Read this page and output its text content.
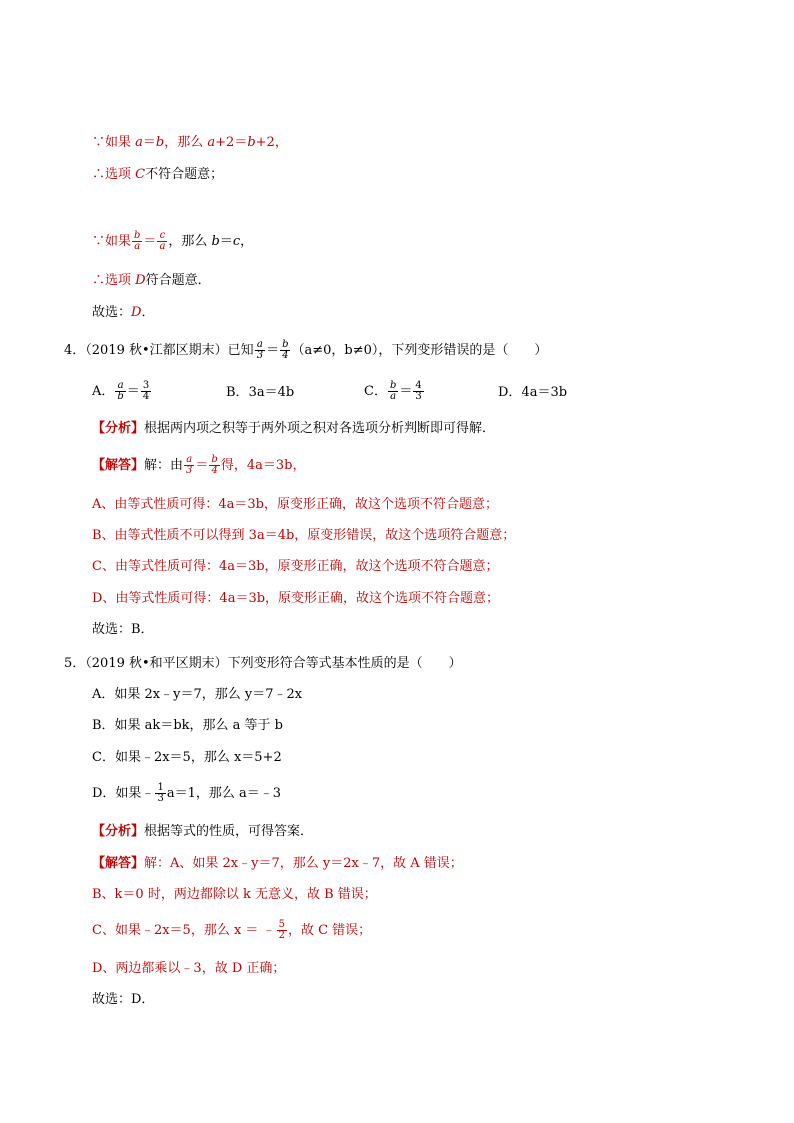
∵如果 a＝b，那么 a+2＝b+2，
∴选项 C不符合题意；
∵如果 $\frac{b}{a} = \frac{c}{a}$ ，那么 b＝c，
∴选项 D符合题意．
故选：D．
4．（2019 秋•江都区期末）已知 $\frac{a}{3} = \frac{b}{4} (a\ne 0$，b≠0），下列变形错误的是（　　）
A． $\frac{a}{b} = \frac{3}{4}$	B．3a＝4b	C． $\frac{b}{a} = \frac{4}{3}$	D．4a＝3b
【分析】根据两内项之积等于两外项之积对各选项分析判断即可得解．
【解答】解：由 $\frac{a}{3} = \frac{b}{4}$ 得，4a＝3b，
A、由等式性质可得：4a＝3b，原变形正确，故这个选项不符合题意；
B、由等式性质不可以得到 3a＝4b，原变形错误，故这个选项符合题意；
C、由等式性质可得：4a＝3b，原变形正确，故这个选项不符合题意；
D、由等式性质可得：4a＝3b，原变形正确，故这个选项不符合题意；
故选：B．
5．（2019 秋•和平区期末）下列变形符合等式基本性质的是（　　）
A．如果 2x﹣y＝7，那么 y＝7﹣2x
B．如果 ak＝bk，那么 a 等于 b
C．如果﹣2x＝5，那么 x＝5+2
D．如果﹣ $\frac{1}{3} a=1$，那么 a＝﹣3
【分析】根据等式的性质，可得答案．
【解答】解：A、如果 2x﹣y＝7，那么 y＝2x﹣7，故 A 错误；
B、k＝0 时，两边都除以 k 无意义，故 B 错误；
C、如果﹣2x＝5，那么 x ＝ ﹣ $\frac{5}{2}$ ，故 C 错误；
D、两边都乘以﹣3，故 D 正确；
故选：D．
